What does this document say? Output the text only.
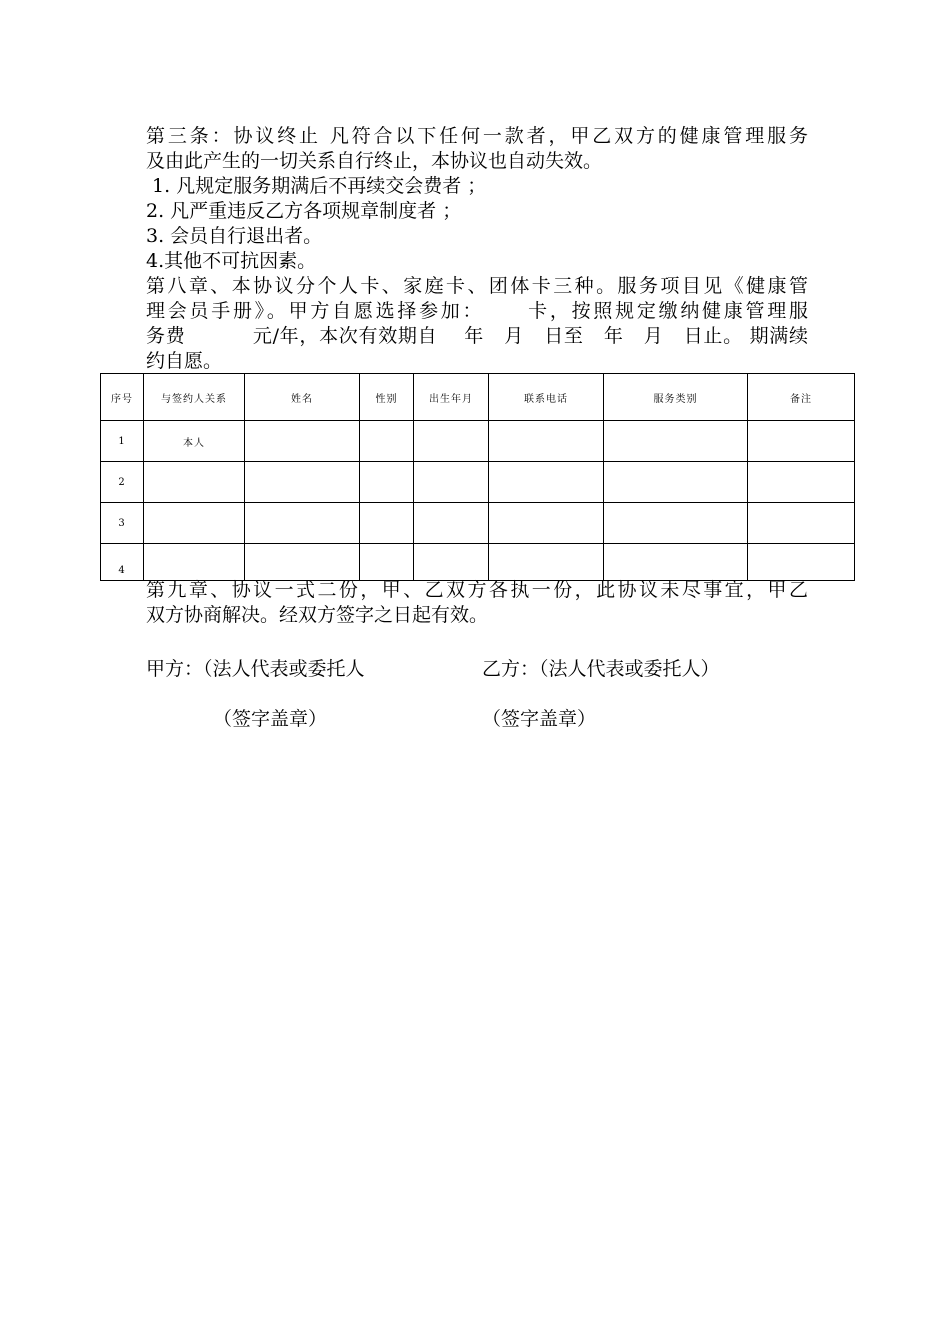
第三条：协议终止 凡符合以下任何一款者，甲乙双方的健康管理服务
及由此产生的一切关系自行终止，本协议也自动失效。
1. 凡规定服务期满后不再续交会费者 ；
2. 凡严重违反乙方各项规章制度者 ；
3. 会员自行退出者。
4.其他不可抗因素。
第八章、本协议分个人卡、家庭卡、团体卡三种。服务项目见《健康管
理会员手册》。甲方自愿选择参加：     卡，按照规定缴纳健康管理服
务费          元/年，本次有效期自    年   月   日至   年   月   日止。 期满续
约自愿。
序号	与签约人关系	姓名	性别	出生年月	联系电话	服务类别	备注
1	本人						
2							
3							
4							
第九章、协议一式二份，甲、乙双方各执一份，此协议未尽事宜，甲乙
双方协商解决。经双方签字之日起有效。
甲方：（法人代表或委托人	乙方：（法人代表或委托人）
（签字盖章）	（签字盖章）
